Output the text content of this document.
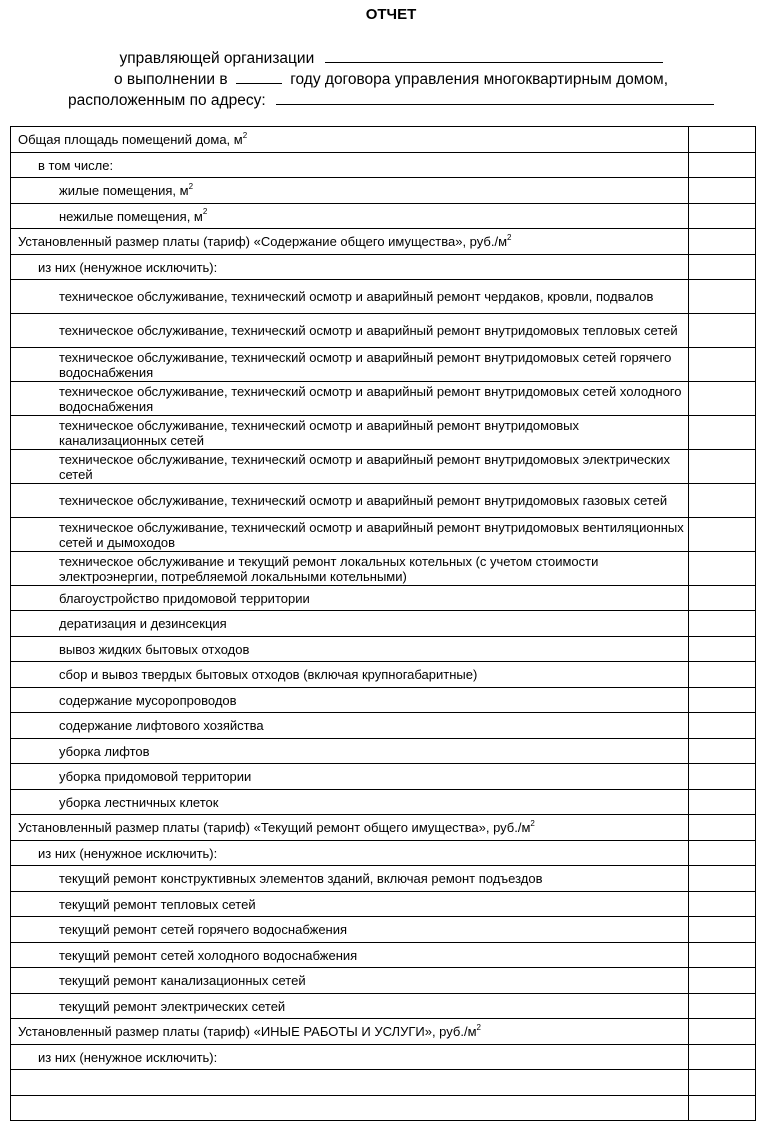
ОТЧЕТ
управляющей организации
о выполнении в	году договора управления многоквартирным домом,
расположенным по адресу:
Общая площадь помещений дома, $м^2$	
в том числе:	
жилые помещения, $м^2$	
нежилые помещения, $м^2$	
Установленный размер платы (тариф) «Содержание общего имущества», $руб./м^2$	
из них (ненужное исключить):	
техническое обслуживание, технический осмотр и аварийный ремонт чердаков, кровли, подвалов	
техническое обслуживание, технический осмотр и аварийный ремонт внутридомовых тепловых сетей	
техническое обслуживание, технический осмотр и аварийный ремонт внутридомовых сетей горячего водоснабжения	
техническое обслуживание, технический осмотр и аварийный ремонт внутридомовых сетей холодного водоснабжения	
техническое обслуживание, технический осмотр и аварийный ремонт внутридомовых канализационных сетей	
техническое обслуживание, технический осмотр и аварийный ремонт внутридомовых электрических сетей	
техническое обслуживание, технический осмотр и аварийный ремонт внутридомовых газовых сетей	
техническое обслуживание, технический осмотр и аварийный ремонт внутридомовых вентиляционных сетей и дымоходов	
техническое обслуживание и текущий ремонт локальных котельных (с учетом стоимости электроэнергии, потребляемой локальными котельными)	
благоустройство придомовой территории	
дератизация и дезинсекция	
вывоз жидких бытовых отходов	
сбор и вывоз твердых бытовых отходов (включая крупногабаритные)	
содержание мусоропроводов	
содержание лифтового хозяйства	
уборка лифтов	
уборка придомовой территории	
уборка лестничных клеток	
Установленный размер платы (тариф) «Текущий ремонт общего имущества», $руб./м^2$	
из них (ненужное исключить):	
текущий ремонт конструктивных элементов зданий, включая ремонт подъездов	
текущий ремонт тепловых сетей	
текущий ремонт сетей горячего водоснабжения	
текущий ремонт сетей холодного водоснабжения	
текущий ремонт канализационных сетей	
текущий ремонт электрических сетей	
Установленный размер платы (тариф) «ИНЫЕ РАБОТЫ И УСЛУГИ», $руб./м^2$	
из них (ненужное исключить):	
